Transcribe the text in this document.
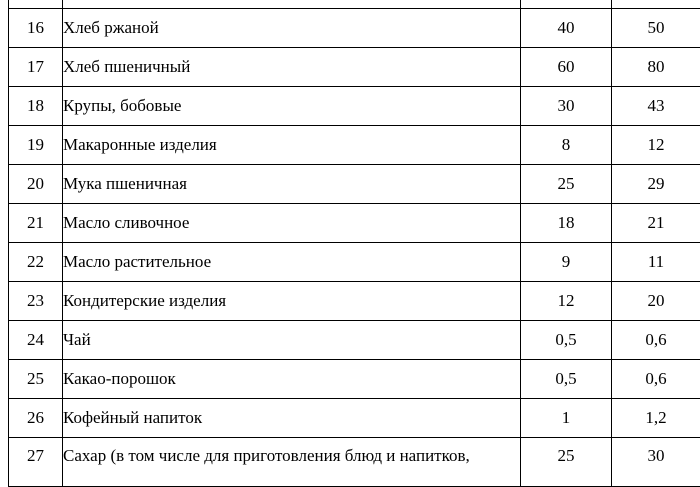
16	Хлеб ржаной	40	50
17	Хлеб пшеничный	60	80
18	Крупы, бобовые	30	43
19	Макаронные изделия	8	12
20	Мука пшеничная	25	29
21	Масло сливочное	18	21
22	Масло растительное	9	11
23	Кондитерские изделия	12	20
24	Чай	0,5	0,6
25	Какао-порошок	0,5	0,6
26	Кофейный напиток	1	1,2
27	Сахар (в том числе для приготовления блюд и напитков,	25	30
